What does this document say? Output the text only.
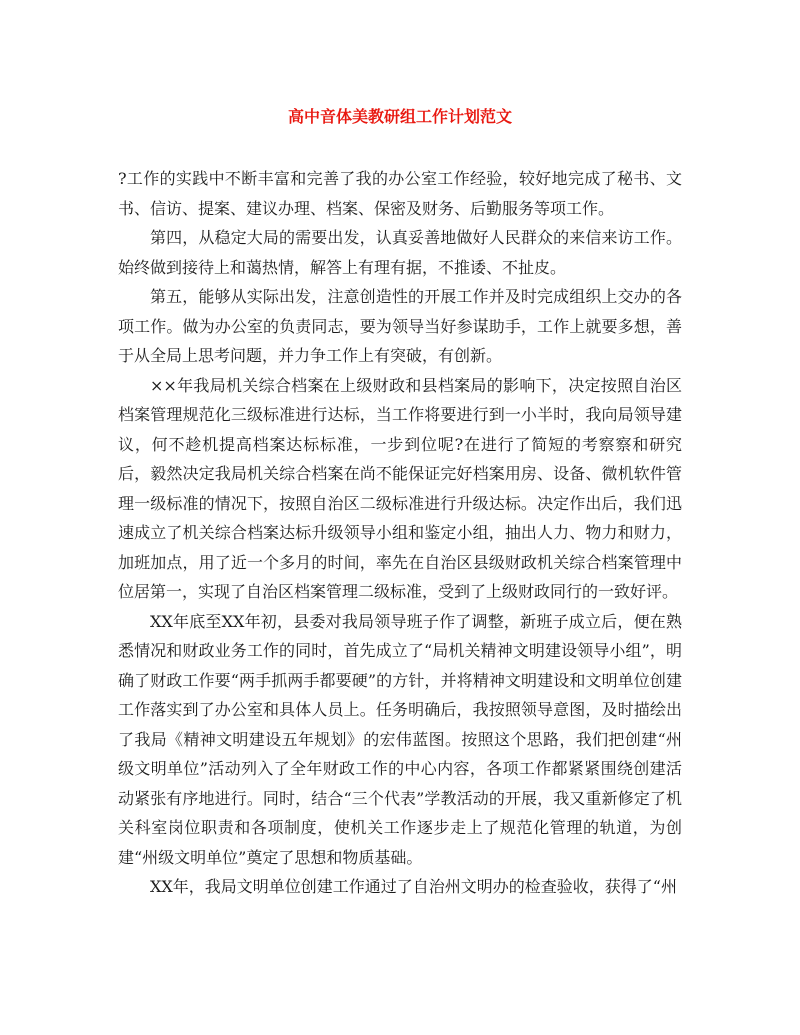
高中音体美教研组工作计划范文

?工作的实践中不断丰富和完善了我的办公室工作经验，较好地完成了秘书、文书、信访、提案、建议办理、档案、保密及财务、后勤服务等项工作。

第四，从稳定大局的需要出发，认真妥善地做好人民群众的来信来访工作。始终做到接待上和蔼热情，解答上有理有据，不推诿、不扯皮。

第五，能够从实际出发，注意创造性的开展工作并及时完成组织上交办的各项工作。做为办公室的负责同志，要为领导当好参谋助手，工作上就要多想，善于从全局上思考问题，并力争工作上有突破，有创新。

××年我局机关综合档案在上级财政和县档案局的影响下，决定按照自治区档案管理规范化三级标准进行达标，当工作将要进行到一小半时，我向局领导建议，何不趁机提高档案达标标准，一步到位呢?在进行了简短的考察察和研究后，毅然决定我局机关综合档案在尚不能保证完好档案用房、设备、微机软件管理一级标准的情况下，按照自治区二级标准进行升级达标。决定作出后，我们迅速成立了机关综合档案达标升级领导小组和鉴定小组，抽出人力、物力和财力，加班加点，用了近一个多月的时间，率先在自治区县级财政机关综合档案管理中位居第一，实现了自治区档案管理二级标准，受到了上级财政同行的一致好评。

XX年底至XX年初，县委对我局领导班子作了调整，新班子成立后，便在熟悉情况和财政业务工作的同时，首先成立了“局机关精神文明建设领导小组”，明确了财政工作要“两手抓两手都要硬”的方针，并将精神文明建设和文明单位创建工作落实到了办公室和具体人员上。任务明确后，我按照领导意图，及时描绘出了我局《精神文明建设五年规划》的宏伟蓝图。按照这个思路，我们把创建“州级文明单位”活动列入了全年财政工作的中心内容，各项工作都紧紧围绕创建活动紧张有序地进行。同时，结合“三个代表”学教活动的开展，我又重新修定了机关科室岗位职责和各项制度，使机关工作逐步走上了规范化管理的轨道，为创建“州级文明单位”奠定了思想和物质基础。

XX年，我局文明单位创建工作通过了自治州文明办的检查验收，获得了“州
